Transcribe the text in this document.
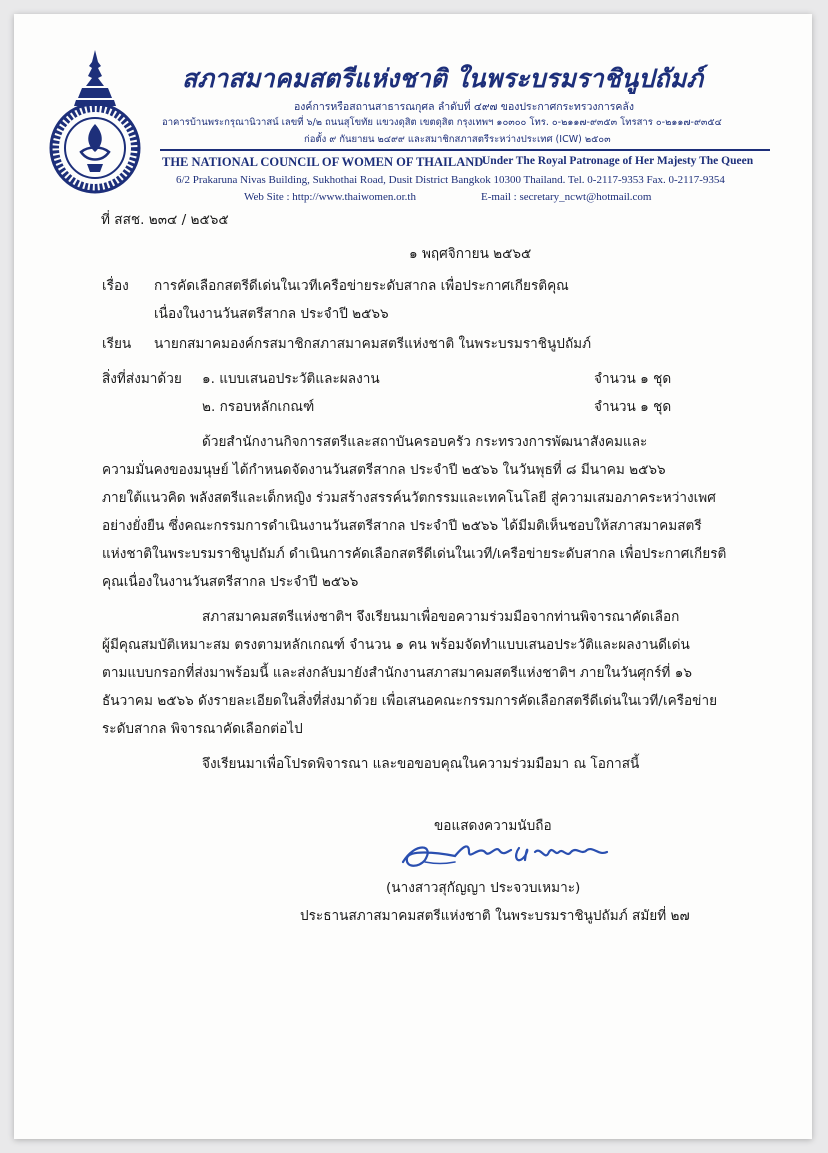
สภาสมาคมสตรีแห่งชาติ ในพระบรมราชินูปถัมภ์
องค์การหรือสถานสาธารณกุศล ลำดับที่ ๔๙๗ ของประกาศกระทรวงการคลัง
อาคารบ้านพระกรุณานิวาสน์ เลขที่ ๖/๒ ถนนสุโขทัย แขวงดุสิต เขตดุสิต กรุงเทพฯ ๑๐๓๐๐ โทร. ๐-๒๑๑๗-๙๓๕๓ โทรสาร ๐-๒๑๑๗-๙๓๕๔
ก่อตั้ง ๙ กันยายน ๒๔๙๙ และสมาชิกสภาสตรีระหว่างประเทศ (ICW) ๒๕๐๓
THE NATIONAL COUNCIL OF WOMEN OF THAILAND
Under The Royal Patronage of Her Majesty The Queen
6/2 Prakaruna Nivas Building, Sukhothai Road, Dusit District Bangkok 10300 Thailand. Tel. 0-2117-9353 Fax. 0-2117-9354
Web Site : http://www.thaiwomen.or.th	E-mail : secretary_ncwt@hotmail.com
ที่ สสช. ๒๓๔ / ๒๕๖๕
๑ พฤศจิกายน ๒๕๖๕
เรื่อง การคัดเลือกสตรีดีเด่นในเวทีเครือข่ายระดับสากล เพื่อประกาศเกียรติคุณ
เนื่องในงานวันสตรีสากล ประจำปี ๒๕๖๖
เรียน นายกสมาคมองค์กรสมาชิกสภาสมาคมสตรีแห่งชาติ ในพระบรมราชินูปถัมภ์
สิ่งที่ส่งมาด้วย ๑. แบบเสนอประวัติและผลงาน	จำนวน ๑ ชุด
๒. กรอบหลักเกณฑ์	จำนวน ๑ ชุด
ด้วยสำนักงานกิจการสตรีและสถาบันครอบครัว กระทรวงการพัฒนาสังคมและ
ความมั่นคงของมนุษย์ ได้กำหนดจัดงานวันสตรีสากล ประจำปี ๒๕๖๖ ในวันพุธที่ ๘ มีนาคม ๒๕๖๖
ภายใต้แนวคิด พลังสตรีและเด็กหญิง ร่วมสร้างสรรค์นวัตกรรมและเทคโนโลยี สู่ความเสมอภาคระหว่างเพศ
อย่างยั่งยืน ซึ่งคณะกรรมการดำเนินงานวันสตรีสากล ประจำปี ๒๕๖๖ ได้มีมติเห็นชอบให้สภาสมาคมสตรี
แห่งชาติในพระบรมราชินูปถัมภ์ ดำเนินการคัดเลือกสตรีดีเด่นในเวที/เครือข่ายระดับสากล เพื่อประกาศเกียรติ
คุณเนื่องในงานวันสตรีสากล ประจำปี ๒๕๖๖
สภาสมาคมสตรีแห่งชาติฯ จึงเรียนมาเพื่อขอความร่วมมือจากท่านพิจารณาคัดเลือก
ผู้มีคุณสมบัติเหมาะสม ตรงตามหลักเกณฑ์ จำนวน ๑ คน พร้อมจัดทำแบบเสนอประวัติและผลงานดีเด่น
ตามแบบกรอกที่ส่งมาพร้อมนี้ และส่งกลับมายังสำนักงานสภาสมาคมสตรีแห่งชาติฯ ภายในวันศุกร์ที่ ๑๖
ธันวาคม ๒๕๖๖ ดังรายละเอียดในสิ่งที่ส่งมาด้วย เพื่อเสนอคณะกรรมการคัดเลือกสตรีดีเด่นในเวที/เครือข่าย
ระดับสากล พิจารณาคัดเลือกต่อไป
จึงเรียนมาเพื่อโปรดพิจารณา และขอขอบคุณในความร่วมมือมา ณ โอกาสนี้
ขอแสดงความนับถือ
(นางสาวสุกัญญา ประจวบเหมาะ)
ประธานสภาสมาคมสตรีแห่งชาติ ในพระบรมราชินูปถัมภ์ สมัยที่ ๒๗
